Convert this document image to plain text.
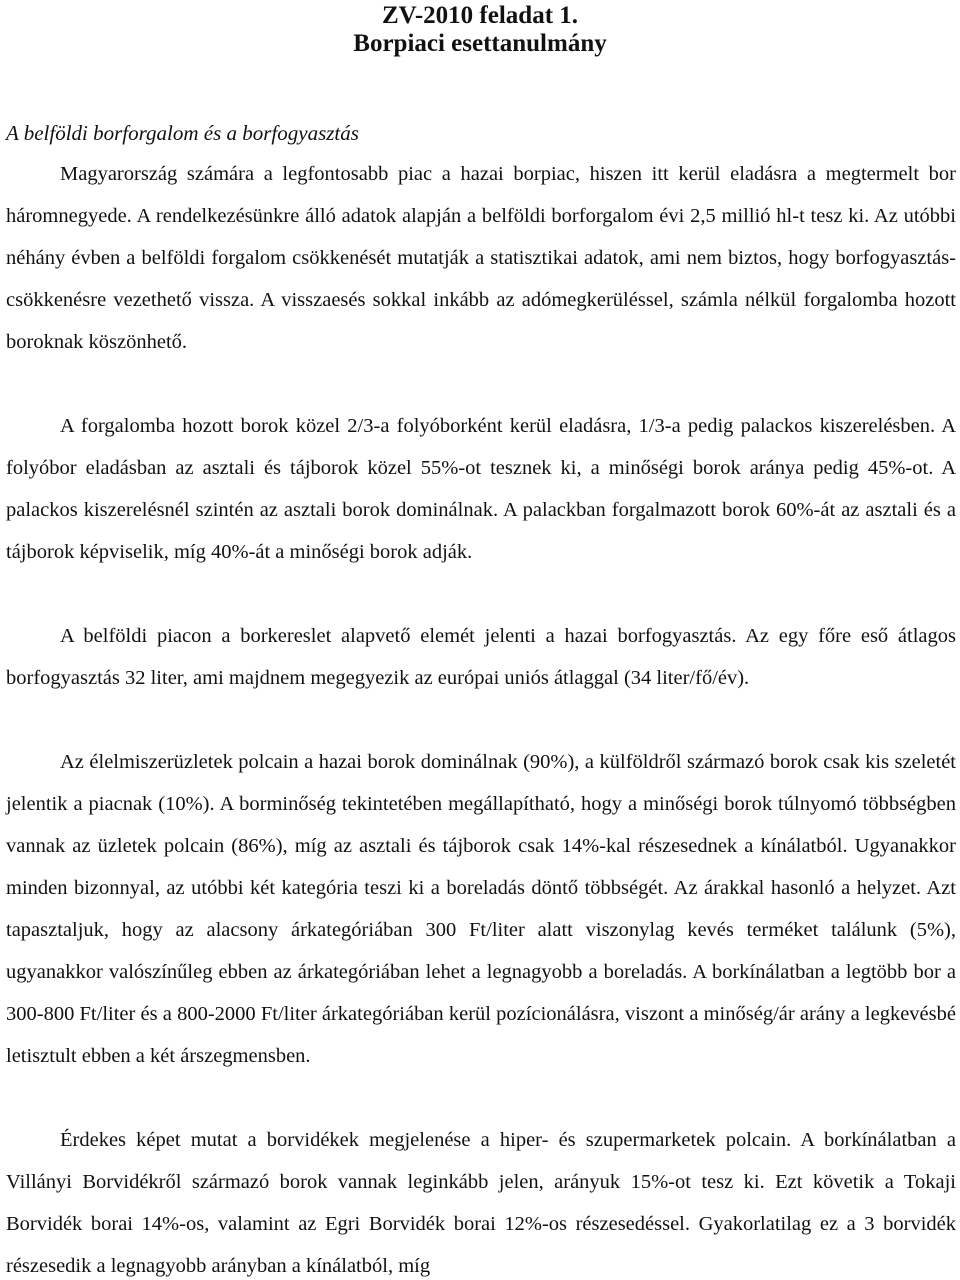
ZV-2010 feladat 1.
Borpiaci esettanulmány
A belföldi borforgalom és a borfogyasztás

Magyarország számára a legfontosabb piac a hazai borpiac, hiszen itt kerül eladásra a megtermelt bor háromnegyede. A rendelkezésünkre álló adatok alapján a belföldi borforgalom évi 2,5 millió hl-t tesz ki. Az utóbbi néhány évben a belföldi forgalom csökkenését mutatják a statisztikai adatok, ami nem biztos, hogy borfogyasztás-csökkenésre vezethető vissza. A visszaesés sokkal inkább az adómegkerüléssel, számla nélkül forgalomba hozott boroknak köszönhető.

A forgalomba hozott borok közel 2/3-a folyóborként kerül eladásra, 1/3-a pedig palackos kiszerelésben. A folyóbor eladásban az asztali és tájborok közel 55%-ot tesznek ki, a minőségi borok aránya pedig 45%-ot. A palackos kiszerelésnél szintén az asztali borok dominálnak. A palackban forgalmazott borok 60%-át az asztali és a tájborok képviselik, míg 40%-át a minőségi borok adják.

A belföldi piacon a borkereslet alapvető elemét jelenti a hazai borfogyasztás. Az egy főre eső átlagos borfogyasztás 32 liter, ami majdnem megegyezik az európai uniós átlaggal (34 liter/fő/év).

Az élelmiszerüzletek polcain a hazai borok dominálnak (90%), a külföldről származó borok csak kis szeletét jelentik a piacnak (10%). A borminőség tekintetében megállapítható, hogy a minőségi borok túlnyomó többségben vannak az üzletek polcain (86%), míg az asztali és tájborok csak 14%-kal részesednek a kínálatból. Ugyanakkor minden bizonnyal, az utóbbi két kategória teszi ki a boreladás döntő többségét. Az árakkal hasonló a helyzet. Azt tapasztaljuk, hogy az alacsony árkategóriában 300 Ft/liter alatt viszonylag kevés terméket találunk (5%), ugyanakkor valószínűleg ebben az árkategóriában lehet a legnagyobb a boreladás. A borkínálatban a legtöbb bor a 300-800 Ft/liter és a 800-2000 Ft/liter árkategóriában kerül pozícionálásra, viszont a minőség/ár arány a legkevésbé letisztult ebben a két árszegmensben.

Érdekes képet mutat a borvidékek megjelenése a hiper- és szupermarketek polcain. A borkínálatban a Villányi Borvidékről származó borok vannak leginkább jelen, arányuk 15%-ot tesz ki. Ezt követik a Tokaji Borvidék borai 14%-os, valamint az Egri Borvidék borai 12%-os részesedéssel. Gyakorlatilag ez a 3 borvidék részesedik a legnagyobb arányban a kínálatból, míg
